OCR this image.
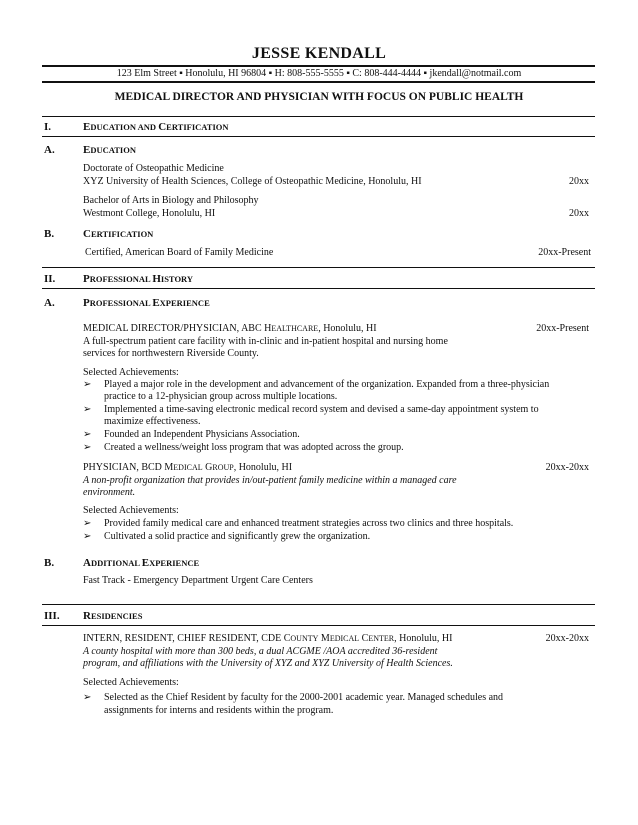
JESSE KENDALL
123 Elm Street ▪ Honolulu, HI 96804 ▪ H: 808-555-5555 ▪ C: 808-444-4444 ▪ jkendall@notmail.com
MEDICAL DIRECTOR AND PHYSICIAN WITH FOCUS ON PUBLIC HEALTH
I.	EDUCATION AND CERTIFICATION
A.	EDUCATION
Doctorate of Osteopathic Medicine
XYZ University of Health Sciences, College of Osteopathic Medicine, Honolulu, HI	20xx
Bachelor of Arts in Biology and Philosophy
Westmont College, Honolulu, HI	20xx
B.	CERTIFICATION
Certified, American Board of Family Medicine	20xx-Present
II.	PROFESSIONAL HISTORY
A.	PROFESSIONAL EXPERIENCE
MEDICAL DIRECTOR/PHYSICIAN, ABC HEALTHCARE, Honolulu, HI	20xx-Present
A full-spectrum patient care facility with in-clinic and in-patient hospital and nursing home
services for northwestern Riverside County.
Selected Achievements:
➢ Played a major role in the development and advancement of the organization. Expanded from a three-physician
practice to a 12-physician group across multiple locations.
➢ Implemented a time-saving electronic medical record system and devised a same-day appointment system to
maximize effectiveness.
➢ Founded an Independent Physicians Association.
➢ Created a wellness/weight loss program that was adopted across the group.
PHYSICIAN, BCD MEDICAL GROUP, Honolulu, HI	20xx-20xx
A non-profit organization that provides in/out-patient family medicine within a managed care
environment.
Selected Achievements:
➢ Provided family medical care and enhanced treatment strategies across two clinics and three hospitals.
➢ Cultivated a solid practice and significantly grew the organization.
B.	ADDITIONAL EXPERIENCE
Fast Track - Emergency Department Urgent Care Centers
III. RESIDENCIES
INTERN, RESIDENT, CHIEF RESIDENT, CDE COUNTY MEDICAL CENTER, Honolulu, HI	20xx-20xx
A county hospital with more than 300 beds, a dual ACGME /AOA accredited 36-resident
program, and affiliations with the University of XYZ and XYZ University of Health Sciences.
Selected Achievements:
➢ Selected as the Chief Resident by faculty for the 2000-2001 academic year. Managed schedules and
assignments for interns and residents within the program.
